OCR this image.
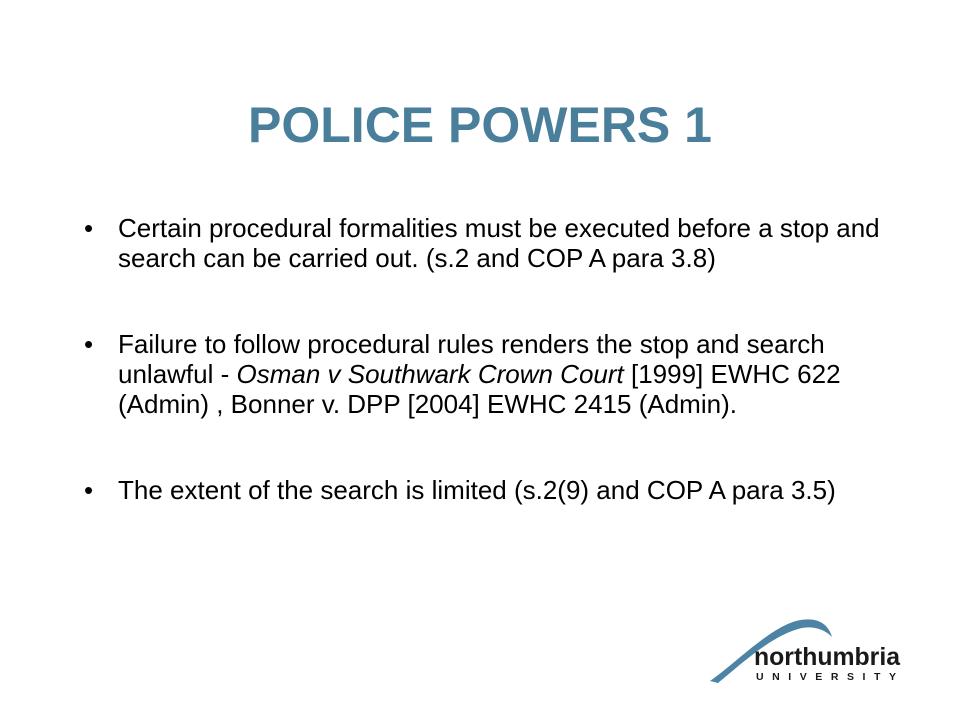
POLICE POWERS 1
• Certain procedural formalities must be executed before a stop and search can be carried out. (s.2 and COP A para 3.8)
• Failure to follow procedural rules renders the stop and search unlawful - Osman v Southwark Crown Court [1999] EWHC 622 (Admin) , Bonner v. DPP [2004] EWHC 2415 (Admin).
• The extent of the search is limited (s.2(9) and COP A para 3.5)
northumbria
UNIVERSITY
